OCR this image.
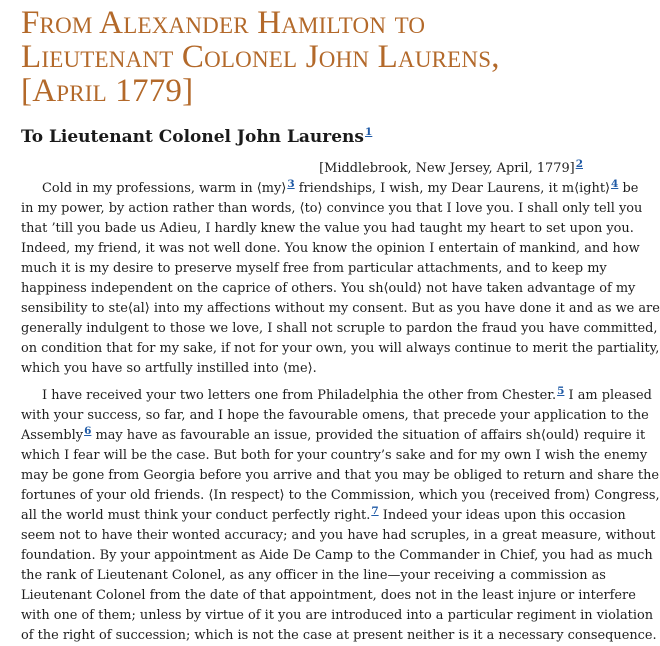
From Alexander Hamilton to
Lieutenant Colonel John Laurens,
[April 1779]
To Lieutenant Colonel John Laurens$^1$

[Middlebrook, New Jersey, April, 1779]$^2$

Cold in my professions, warm in ⟨my⟩$^3$ friendships, I wish, my Dear Laurens, it m⟨ight⟩$^4$ be
in my power, by action rather than words, ⟨to⟩ convince you that I love you. I shall only tell you
that ’till you bade us Adieu, I hardly knew the value you had taught my heart to set upon you.
Indeed, my friend, it was not well done. You know the opinion I entertain of mankind, and how
much it is my desire to preserve myself free from particular attachments, and to keep my
happiness independent on the caprice of others. You sh⟨ould⟩ not have taken advantage of my
sensibility to ste⟨al⟩ into my affections without my consent. But as you have done it and as we are
generally indulgent to those we love, I shall not scruple to pardon the fraud you have committed,
on condition that for my sake, if not for your own, you will always continue to merit the partiality,
which you have so artfully instilled into ⟨me⟩.
I have received your two letters one from Philadelphia the other from Chester.$^5$ I am pleased
with your success, so far, and I hope the favourable omens, that precede your application to the
Assembly$^6$ may have as favourable an issue, provided the situation of affairs sh⟨ould⟩ require it
which I fear will be the case. But both for your country’s sake and for my own I wish the enemy
may be gone from Georgia before you arrive and that you may be obliged to return and share the
fortunes of your old friends. ⟨In respect⟩ to the Commission, which you ⟨received from⟩ Congress,
all the world must think your conduct perfectly right.$^7$ Indeed your ideas upon this occasion
seem not to have their wonted accuracy; and you have had scruples, in a great measure, without
foundation. By your appointment as Aide De Camp to the Commander in Chief, you had as much
the rank of Lieutenant Colonel, as any officer in the line—your receiving a commission as
Lieutenant Colonel from the date of that appointment, does not in the least injure or interfere
with one of them; unless by virtue of it you are introduced into a particular regiment in violation
of the right of succession; which is not the case at present neither is it a necessary consequence.
